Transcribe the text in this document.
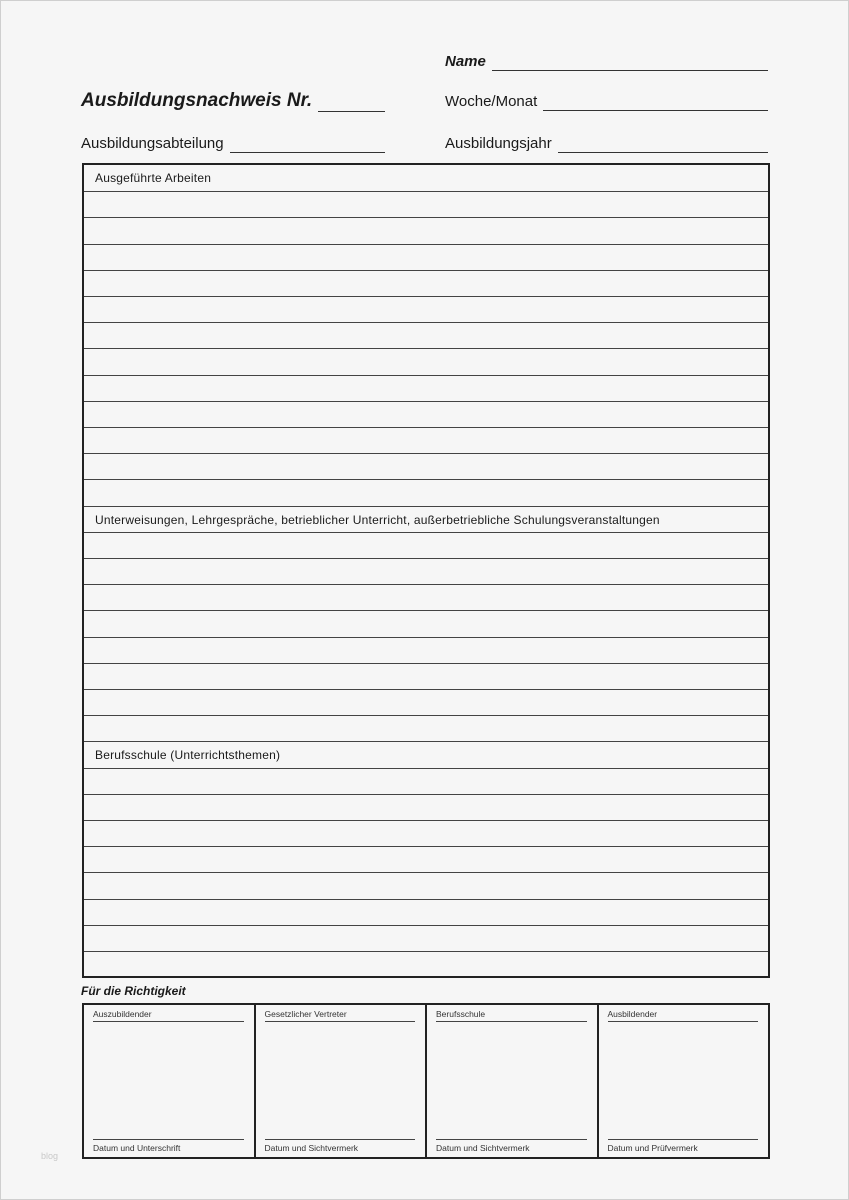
Name
Ausbildungsnachweis Nr.	Woche/Monat
Ausbildungsabteilung	Ausbildungsjahr
Ausgeführte Arbeiten
Unterweisungen, Lehrgespräche, betrieblicher Unterricht, außerbetriebliche Schulungsveranstaltungen
Berufsschule (Unterrichtsthemen)
Für die Richtigkeit
Auszubildender
Datum und Unterschrift
Gesetzlicher Vertreter
Datum und Sichtvermerk
Berufsschule
Datum und Sichtvermerk
Ausbildender
Datum und Prüfvermerk
blog
